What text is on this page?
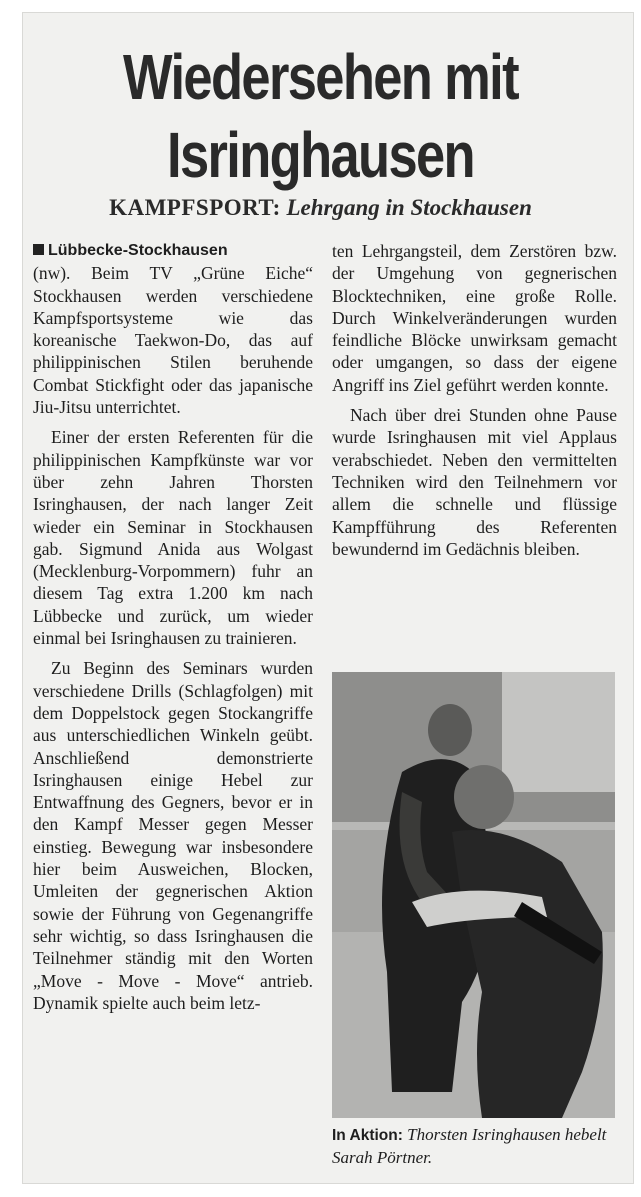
Wiedersehen mit
Isringhausen
KAMPFSPORT: Lehrgang in Stockhausen

Lübbecke-Stockhausen
(nw). Beim TV „Grüne Eiche“ Stockhausen werden verschiedene Kampfsportsysteme wie das koreanische Taekwon-Do, das auf philippinischen Stilen beruhende Combat Stickfight oder das japanische Jiu-Jitsu unterrichtet.

Einer der ersten Referenten für die philippinischen Kampfkünste war vor über zehn Jahren Thorsten Isringhausen, der nach langer Zeit wieder ein Seminar in Stockhausen gab. Sigmund Anida aus Wolgast (Mecklenburg-Vorpommern) fuhr an diesem Tag extra 1.200 km nach Lübbecke und zurück, um wieder einmal bei Isringhausen zu trainieren.

Zu Beginn des Seminars wurden verschiedene Drills (Schlagfolgen) mit dem Doppelstock gegen Stockangriffe aus unterschiedlichen Winkeln geübt. Anschließend demonstrierte Isringhausen einige Hebel zur Entwaffnung des Gegners, bevor er in den Kampf Messer gegen Messer einstieg. Bewegung war insbesondere hier beim Ausweichen, Blocken, Umleiten der gegnerischen Aktion sowie der Führung von Gegenangriffe sehr wichtig, so dass Isringhausen die Teilnehmer ständig mit den Worten „Move - Move - Move“ antrieb. Dynamik spielte auch beim letz-

ten Lehrgangsteil, dem Zerstören bzw. der Umgehung von gegnerischen Blocktechniken, eine große Rolle. Durch Winkelveränderungen wurden feindliche Blöcke unwirksam gemacht oder umgangen, so dass der eigene Angriff ins Ziel geführt werden konnte.

Nach über drei Stunden ohne Pause wurde Isringhausen mit viel Applaus verabschiedet. Neben den vermittelten Techniken wird den Teilnehmern vor allem die schnelle und flüssige Kampfführung des Referenten bewundernd im Gedächnis bleiben.

In Aktion: Thorsten Isringhausen hebelt Sarah Pörtner.
